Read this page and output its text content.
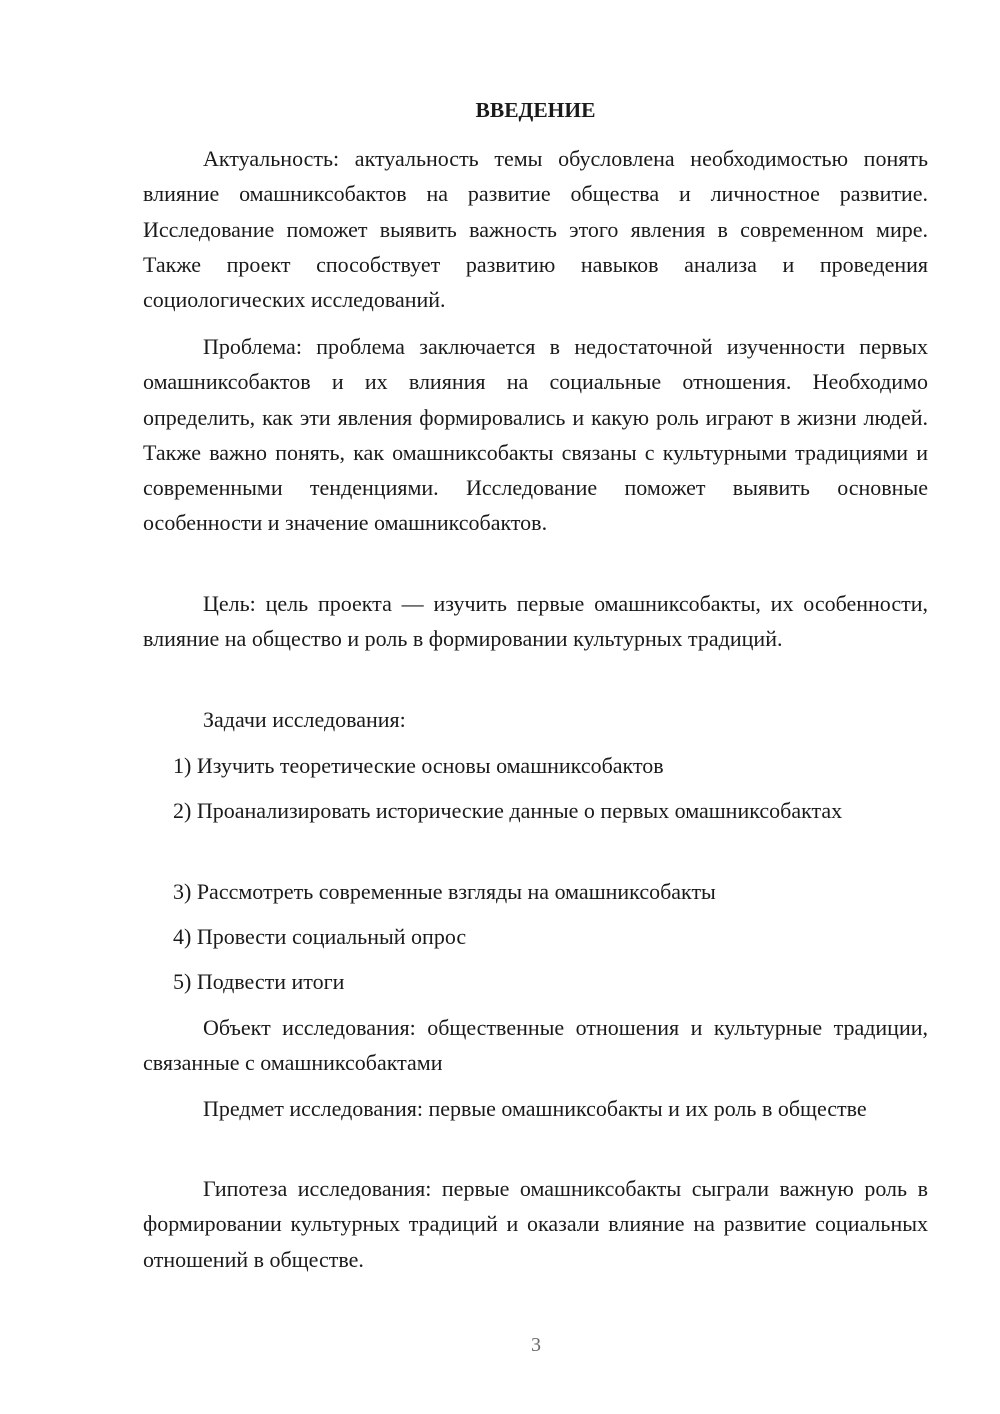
ВВЕДЕНИЕ

Актуальность: актуальность темы обусловлена необходимостью понять влияние омашниксобактов на развитие общества и личностное развитие. Исследование поможет выявить важность этого явления в современном мире. Также проект способствует развитию навыков анализа и проведения социологических исследований.

Проблема: проблема заключается в недостаточной изученности первых омашниксобактов и их влияния на социальные отношения. Необходимо определить, как эти явления формировались и какую роль играют в жизни людей. Также важно понять, как омашниксобакты связаны с культурными традициями и современными тенденциями. Исследование поможет выявить основные особенности и значение омашниксобактов.

Цель: цель проекта — изучить первые омашниксобакты, их особенности, влияние на общество и роль в формировании культурных традиций.

Задачи исследования:

1) Изучить теоретические основы омашниксобактов

2) Проанализировать исторические данные о первых омашниксобактах

3) Рассмотреть современные взгляды на омашниксобакты

4) Провести социальный опрос

5) Подвести итоги

Объект исследования: общественные отношения и культурные традиции, связанные с омашниксобактами

Предмет исследования: первые омашниксобакты и их роль в обществе

Гипотеза исследования: первые омашниксобакты сыграли важную роль в формировании культурных традиций и оказали влияние на развитие социальных отношений в обществе.

3
